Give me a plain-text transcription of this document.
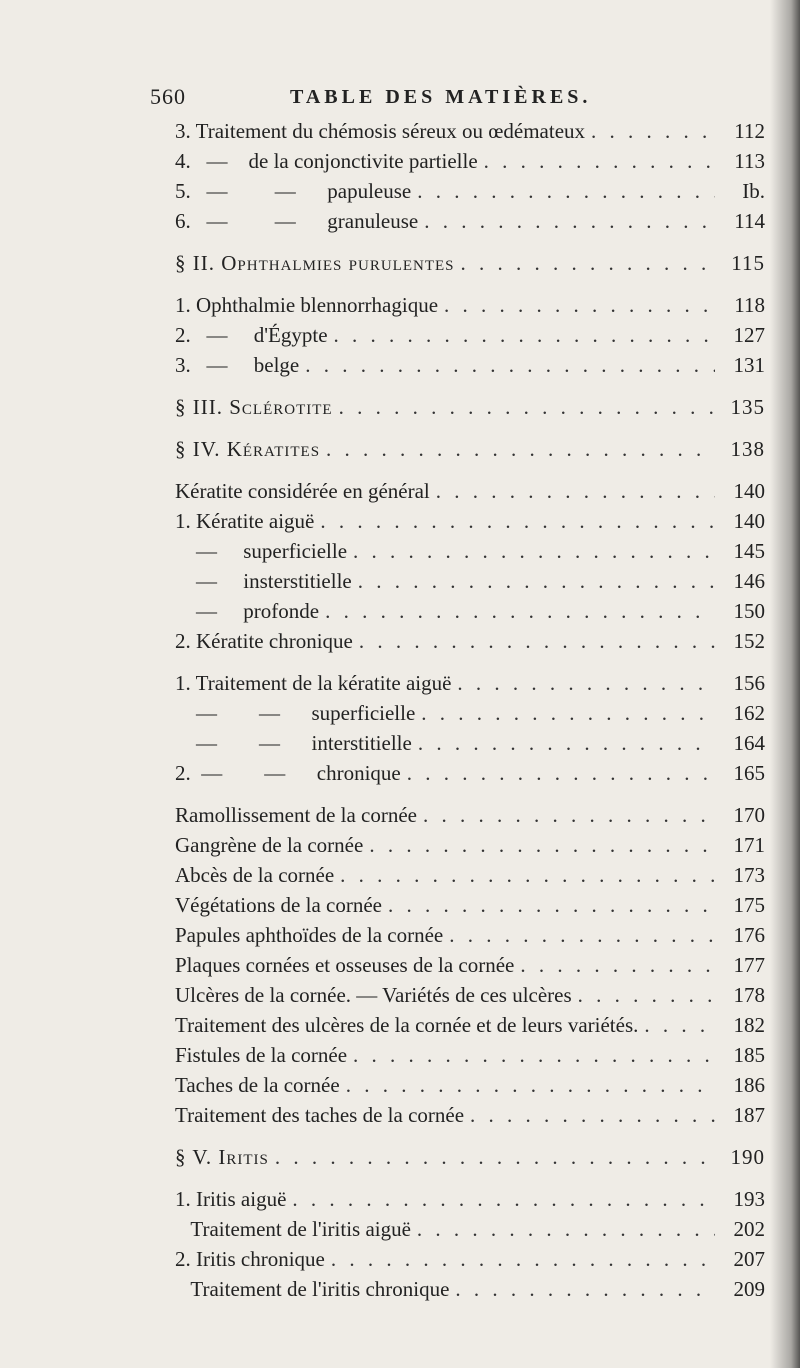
560	TABLE DES MATIÈRES.
3. Traitement du chémosis séreux ou œdémateux . . .	112
4.   —    de la conjonctivite partielle . . .	113
5.   —         —      papuleuse . . .	Ib.
6.   —         —      granuleuse . . .	114
§ II. Ophthalmies purulentes . . .	115
1. Ophthalmie blennorrhagique . . .	118
2.   —     d'Égypte . . .	127
3.   —     belge . . .	131
§ III. Sclérotite . . .	135
§ IV. Kératites . . .	138
Kératite considérée en général . . .	140
1. Kératite aiguë . . .	140
—     superficielle . . .	145
—     insterstitielle . . .	146
—     profonde . . .	150
2. Kératite chronique . . .	152
1. Traitement de la kératite aiguë . . .	156
—        —      superficielle . . .	162
—        —      interstitielle . . .	164
2.  —        —      chronique . . .	165
Ramollissement de la cornée . . .	170
Gangrène de la cornée . . .	171
Abcès de la cornée . . .	173
Végétations de la cornée . . .	175
Papules aphthoïdes de la cornée . . .	176
Plaques cornées et osseuses de la cornée . . .	177
Ulcères de la cornée. — Variétés de ces ulcères . . .	178
Traitement des ulcères de la cornée et de leurs variétés. . . .	182
Fistules de la cornée . . .	185
Taches de la cornée . . .	186
Traitement des taches de la cornée . . .	187
§ V. Iritis . . .	190
1. Iritis aiguë . . .	193
Traitement de l'iritis aiguë . . .	202
2. Iritis chronique . . .	207
Traitement de l'iritis chronique . . .	209
